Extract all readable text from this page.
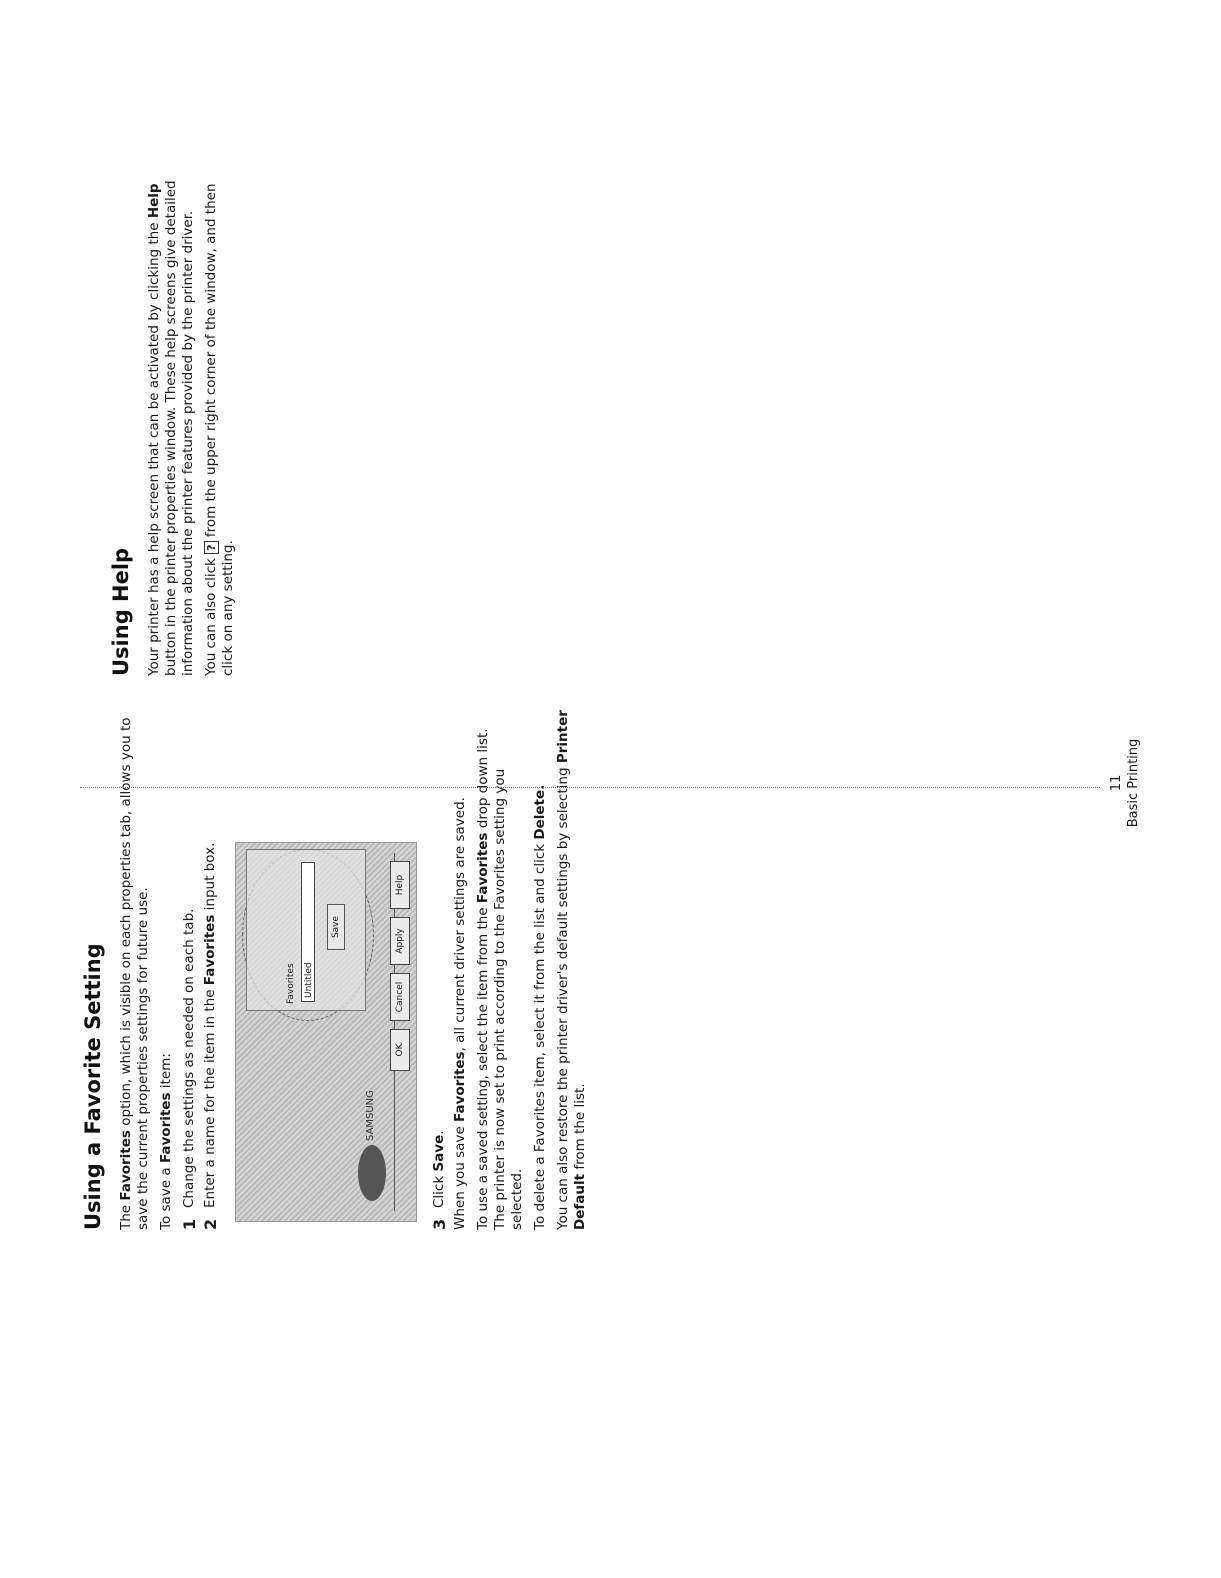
Using a Favorite Setting The Favorites option, which is visible on each properties tab, allows you to save the current properties settings for future use. To save a Favorites item:

1
Change the settings as needed on each tab.
2
Enter a name for the item in the Favorites input box.
Favorites Untitled
Save
SAMSUNG
OK
Cancel
Apply
Help
3
Click Save. When you save Favorites, all current driver settings are saved. To use a saved setting, select the item from the Favorites drop down list. The printer is now set to print according to the Favorites setting you selected. To delete a Favorites item, select it from the list and click Delete. You can also restore the printer driver's default settings by selecting Printer Default from the list.

Using Help Your printer has a help screen that can be activated by clicking the Help button in the printer properties window. These help screens give detailed information about the printer features provided by the printer driver. You can also click ? from the upper right corner of the window, and then click on any setting.

11 Basic Printing
